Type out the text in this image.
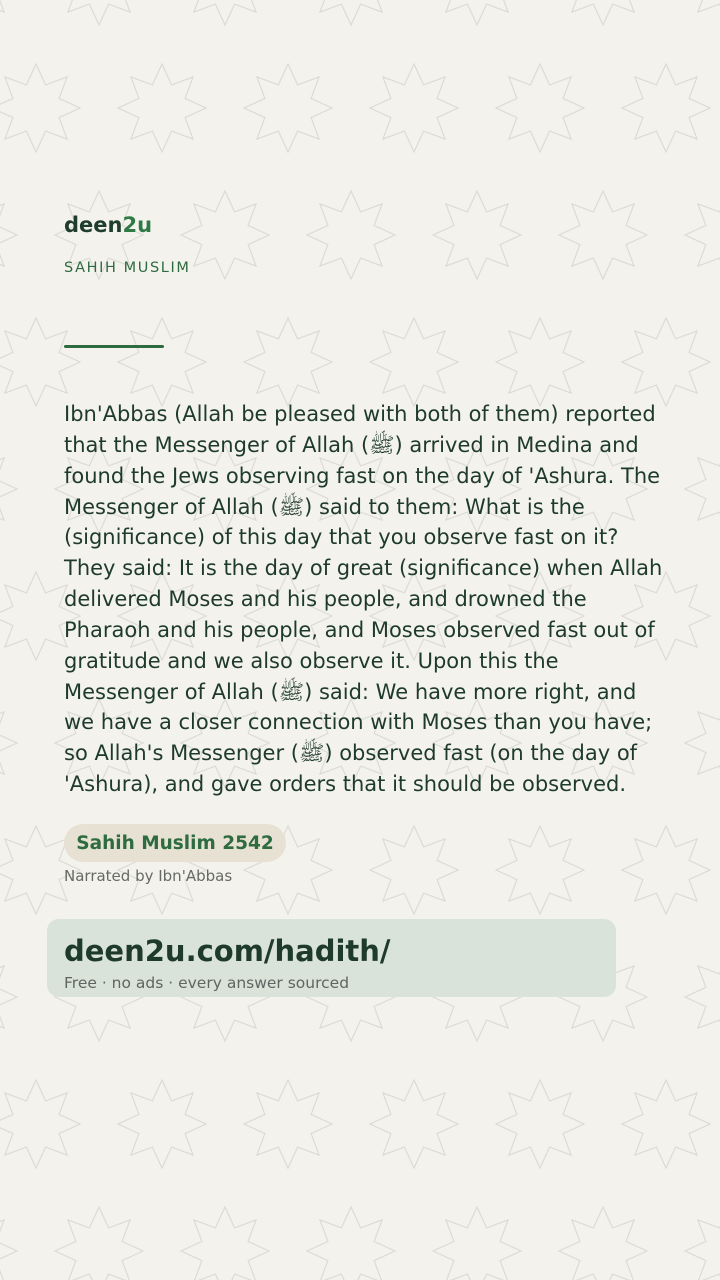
deen2u
SAHIH MUSLIM

Ibn'Abbas (Allah be pleased with both of them) reported that the Messenger of Allah (ﷺ) arrived in Medina and found the Jews observing fast on the day of 'Ashura. The Messenger of Allah (ﷺ) said to them: What is the (significance) of this day that you observe fast on it? They said: It is the day of great (significance) when Allah delivered Moses and his people, and drowned the Pharaoh and his people, and Moses observed fast out of gratitude and we also observe it. Upon this the Messenger of Allah (ﷺ) said: We have more right, and we have a closer connection with Moses than you have; so Allah's Messenger (ﷺ) observed fast (on the day of 'Ashura), and gave orders that it should be observed.

Sahih Muslim 2542
Narrated by Ibn'Abbas
deen2u.com/hadith/
Free · no ads · every answer sourced
